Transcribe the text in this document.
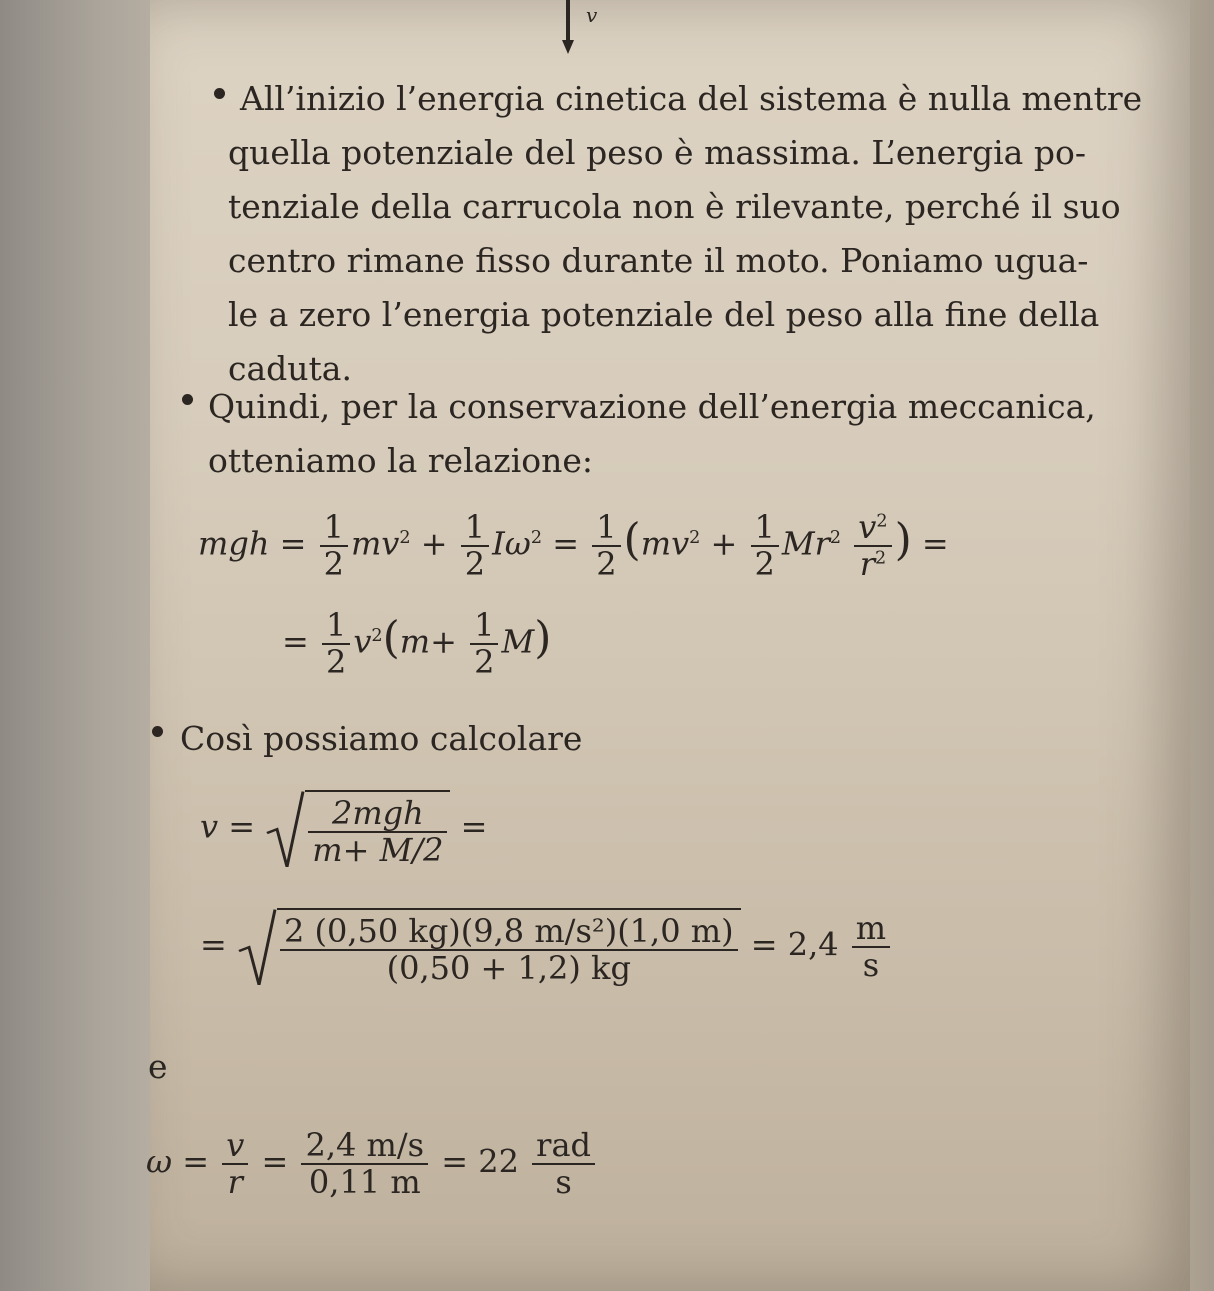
v
All’inizio l’energia cinetica del sistema è nulla mentre
quella potenziale del peso è massima. L’energia po-
tenziale della carrucola non è rilevante, perché il suo
centro rimane fisso durante il moto. Poniamo ugua-
le a zero l’energia potenziale del peso alla fine della
caduta.
Quindi, per la conservazione dell’energia meccanica,
otteniamo la relazione:
mgh = $\frac{1}{2} mv^2 + \frac{1}{2} I\omega^2 = \frac{1}{2} (mv^2 + \frac{1}{2} Mr^2 \frac{v^2}{r^2}$ ) =
= $\frac{1}{2} v^2(m+ \frac{1}{2} M)$
Così possiamo calcolare
$v = \frac{\text{2mgh}}{m+ M/2}$ =
= $\frac{\text{2 (0,50 kg)(9,8 m/s²)(1,0 m)}}{(0,50 + 1,2) kg} = 2,4 \frac{m}{s}$
e
$\omega = \frac{v}{r} = \frac{2,4 m/s}{0,11 m} = 22 \frac{\text{rad}}{s}$
